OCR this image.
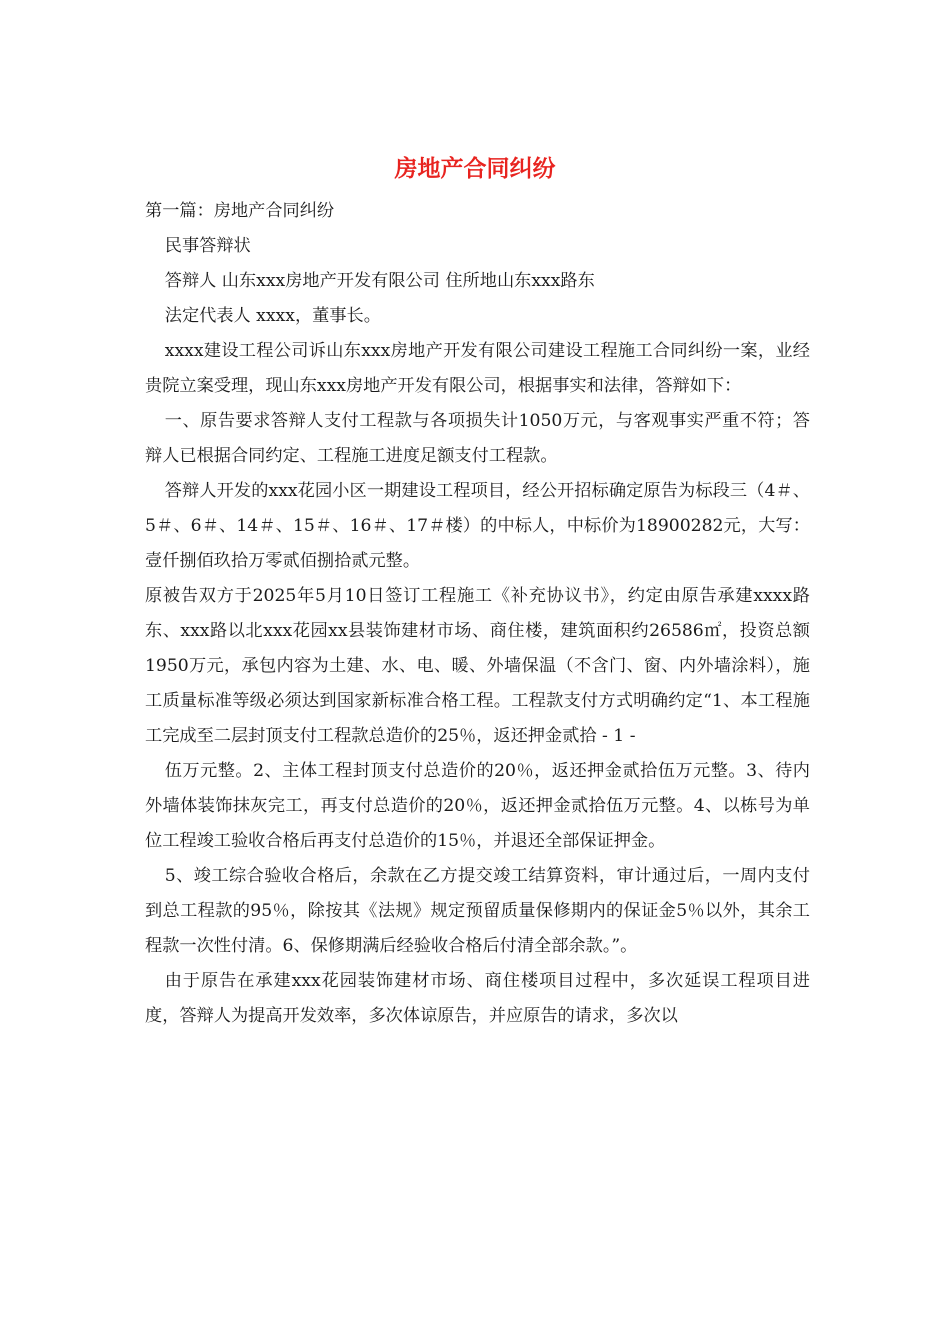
房地产合同纠纷

第一篇：房地产合同纠纷

民事答辩状

答辩人 山东xxx房地产开发有限公司 住所地山东xxx路东

法定代表人 xxxx，董事长。

xxxx建设工程公司诉山东xxx房地产开发有限公司建设工程施工合同纠纷一案，业经贵院立案受理，现山东xxx房地产开发有限公司，根据事实和法律，答辩如下：

一、原告要求答辩人支付工程款与各项损失计1050万元，与客观事实严重不符；答辩人已根据合同约定、工程施工进度足额支付工程款。

答辩人开发的xxx花园小区一期建设工程项目，经公开招标确定原告为标段三（4＃、5＃、6＃、14＃、15＃、16＃、17＃楼）的中标人，中标价为18900282元，大写：壹仟捌佰玖拾万零贰佰捌拾贰元整。

原被告双方于2025年5月10日签订工程施工《补充协议书》，约定由原告承建xxxx路东、xxx路以北xxx花园xx县装饰建材市场、商住楼，建筑面积约26586㎡，投资总额1950万元，承包内容为土建、水、电、暖、外墙保温（不含门、窗、内外墙涂料），施工质量标准等级必须达到国家新标准合格工程。工程款支付方式明确约定“1、本工程施工完成至二层封顶支付工程款总造价的25％，返还押金贰拾 - 1 -

伍万元整。2、主体工程封顶支付总造价的20％，返还押金贰拾伍万元整。3、待内外墙体装饰抹灰完工，再支付总造价的20％，返还押金贰拾伍万元整。4、以栋号为单位工程竣工验收合格后再支付总造价的15％，并退还全部保证押金。

5、竣工综合验收合格后，余款在乙方提交竣工结算资料，审计通过后，一周内支付到总工程款的95％，除按其《法规》规定预留质量保修期内的保证金5％以外，其余工程款一次性付清。6、保修期满后经验收合格后付清全部余款。”。

由于原告在承建xxx花园装饰建材市场、商住楼项目过程中，多次延误工程项目进度，答辩人为提高开发效率，多次体谅原告，并应原告的请求，多次以
